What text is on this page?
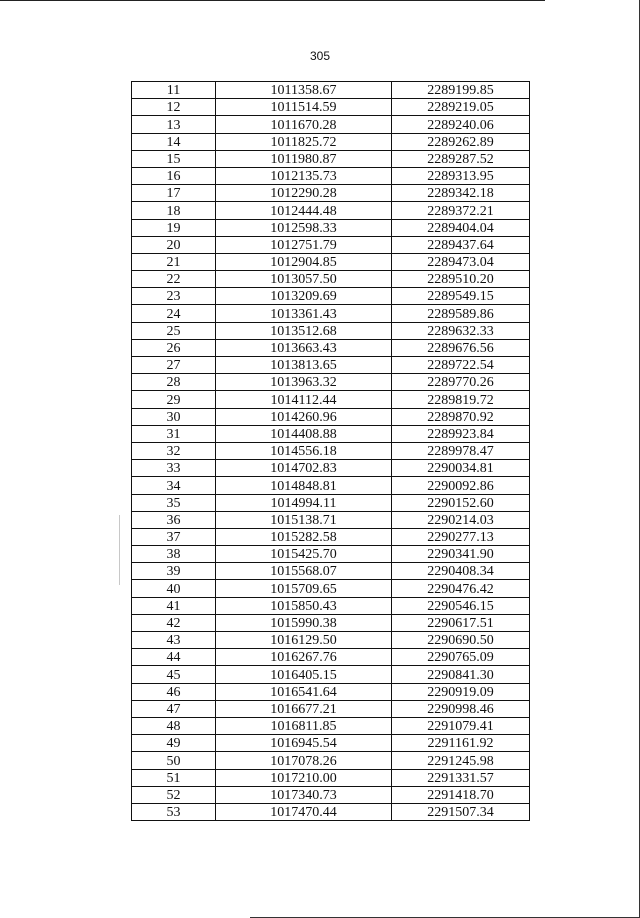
305
11	1011358.67	2289199.85
12	1011514.59	2289219.05
13	1011670.28	2289240.06
14	1011825.72	2289262.89
15	1011980.87	2289287.52
16	1012135.73	2289313.95
17	1012290.28	2289342.18
18	1012444.48	2289372.21
19	1012598.33	2289404.04
20	1012751.79	2289437.64
21	1012904.85	2289473.04
22	1013057.50	2289510.20
23	1013209.69	2289549.15
24	1013361.43	2289589.86
25	1013512.68	2289632.33
26	1013663.43	2289676.56
27	1013813.65	2289722.54
28	1013963.32	2289770.26
29	1014112.44	2289819.72
30	1014260.96	2289870.92
31	1014408.88	2289923.84
32	1014556.18	2289978.47
33	1014702.83	2290034.81
34	1014848.81	2290092.86
35	1014994.11	2290152.60
36	1015138.71	2290214.03
37	1015282.58	2290277.13
38	1015425.70	2290341.90
39	1015568.07	2290408.34
40	1015709.65	2290476.42
41	1015850.43	2290546.15
42	1015990.38	2290617.51
43	1016129.50	2290690.50
44	1016267.76	2290765.09
45	1016405.15	2290841.30
46	1016541.64	2290919.09
47	1016677.21	2290998.46
48	1016811.85	2291079.41
49	1016945.54	2291161.92
50	1017078.26	2291245.98
51	1017210.00	2291331.57
52	1017340.73	2291418.70
53	1017470.44	2291507.34
